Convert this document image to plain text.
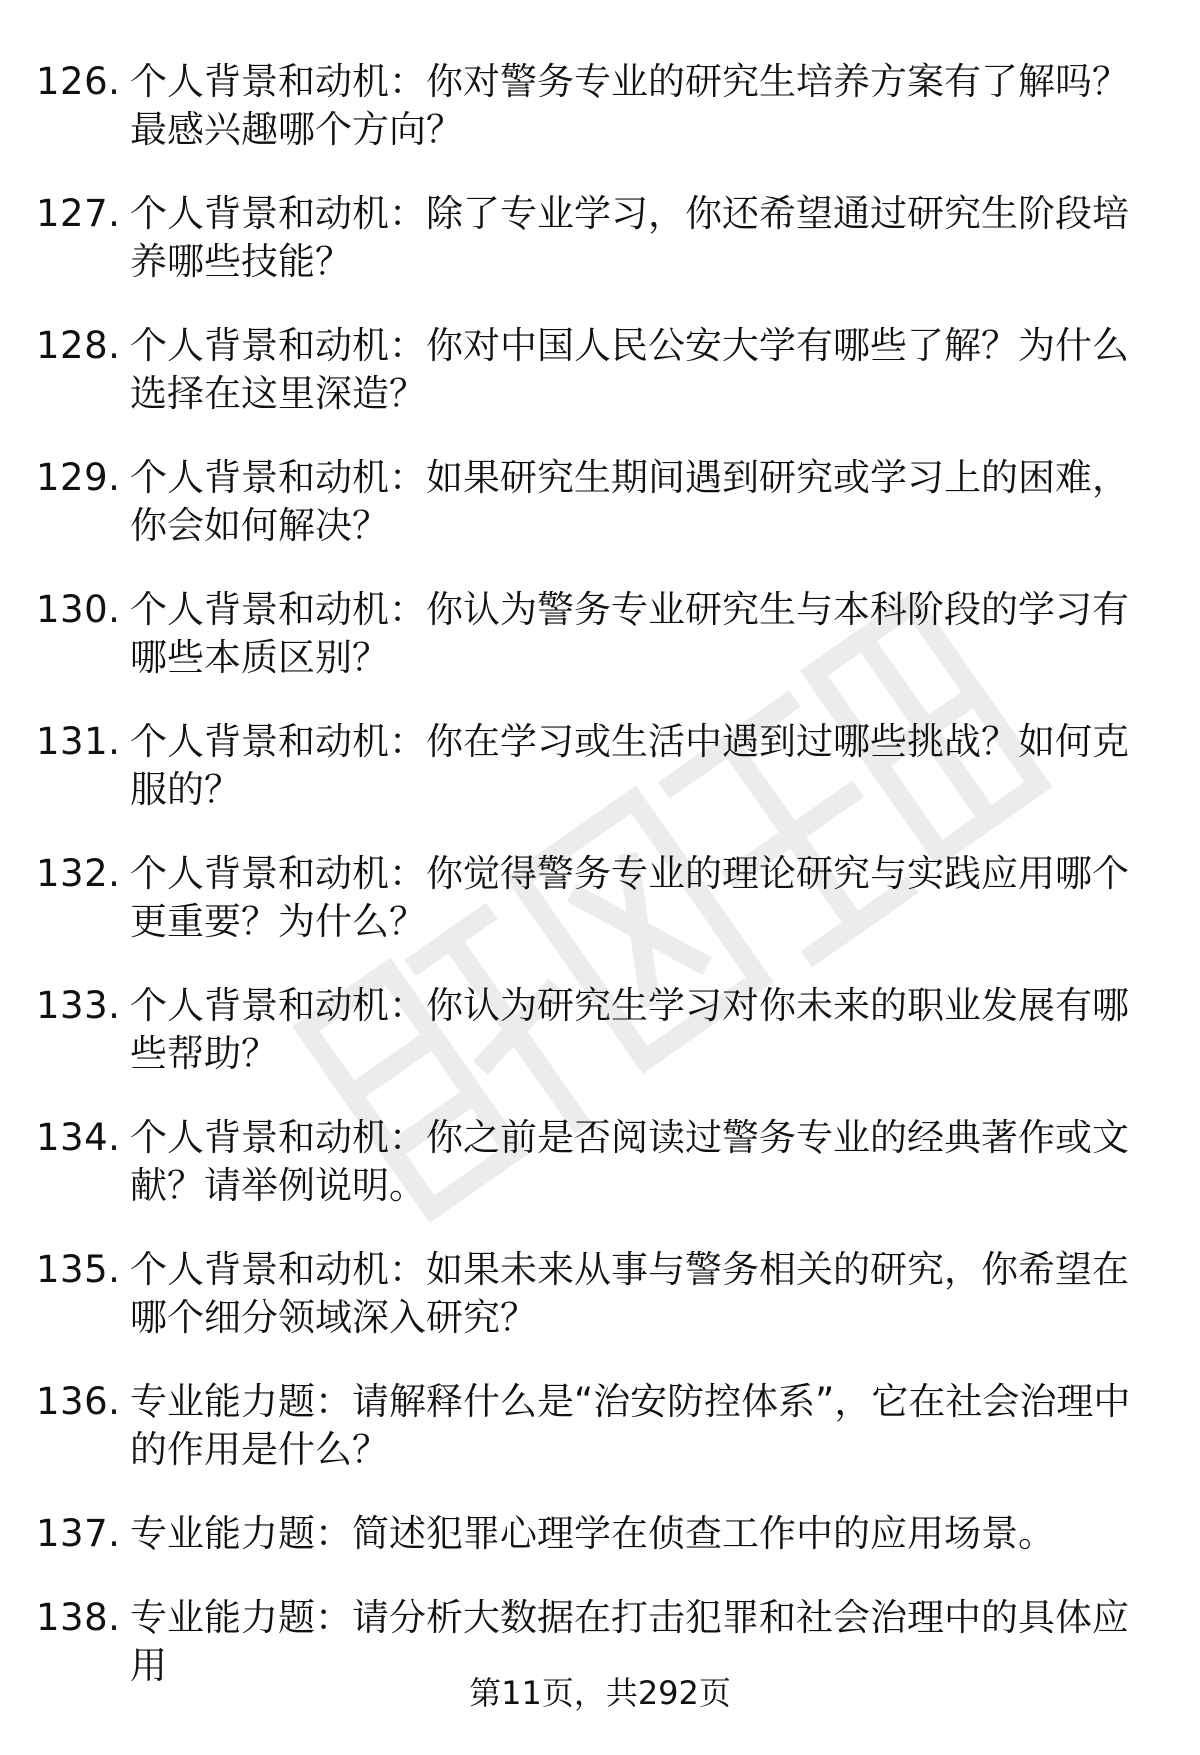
126. 个人背景和动机：你对警务专业的研究生培养方案有了解吗？最感兴趣哪个方向？
127. 个人背景和动机：除了专业学习，你还希望通过研究生阶段培养哪些技能？
128. 个人背景和动机：你对中国人民公安大学有哪些了解？为什么选择在这里深造？
129. 个人背景和动机：如果研究生期间遇到研究或学习上的困难，你会如何解决？
130. 个人背景和动机：你认为警务专业研究生与本科阶段的学习有哪些本质区别？
131. 个人背景和动机：你在学习或生活中遇到过哪些挑战？如何克服的？
132. 个人背景和动机：你觉得警务专业的理论研究与实践应用哪个更重要？为什么？
133. 个人背景和动机：你认为研究生学习对你未来的职业发展有哪些帮助？
134. 个人背景和动机：你之前是否阅读过警务专业的经典著作或文献？请举例说明。
135. 个人背景和动机：如果未来从事与警务相关的研究，你希望在哪个细分领域深入研究？
136. 专业能力题：请解释什么是“治安防控体系”，它在社会治理中的作用是什么？
137. 专业能力题：简述犯罪心理学在侦查工作中的应用场景。
138. 专业能力题：请分析大数据在打击犯罪和社会治理中的具体应用
第11页，共292页
